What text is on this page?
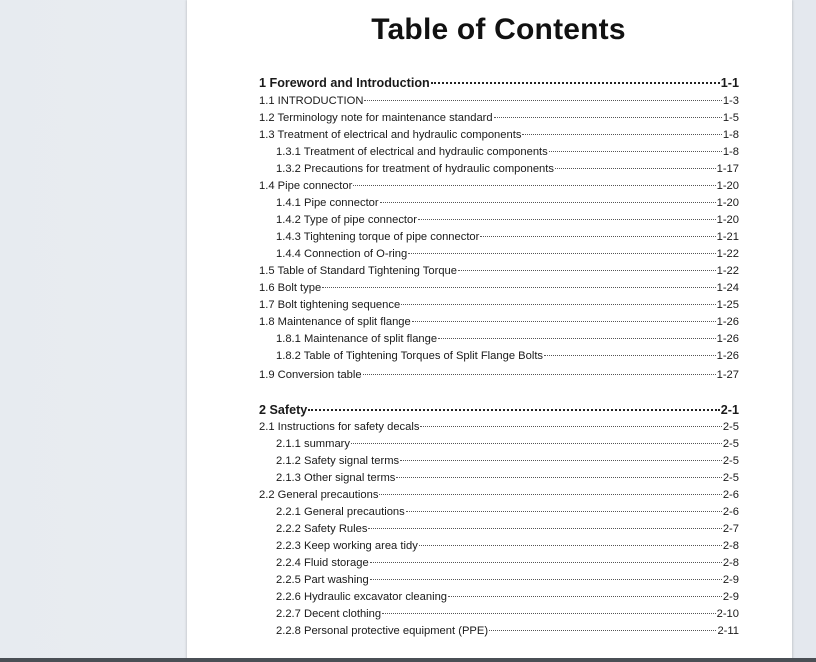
Table of Contents
1 Foreword and Introduction	1-1
1.1 INTRODUCTION	1-3
1.2 Terminology note for maintenance standard	1-5
1.3 Treatment of electrical and hydraulic components	1-8
1.3.1 Treatment of electrical and hydraulic components	1-8
1.3.2 Precautions for treatment of hydraulic components	1-17
1.4 Pipe connector	1-20
1.4.1 Pipe connector	1-20
1.4.2 Type of pipe connector	1-20
1.4.3 Tightening torque of pipe connector	1-21
1.4.4 Connection of O-ring	1-22
1.5 Table of Standard Tightening Torque	1-22
1.6 Bolt type	1-24
1.7 Bolt tightening sequence	1-25
1.8 Maintenance of split flange	1-26
1.8.1 Maintenance of split flange	1-26
1.8.2 Table of Tightening Torques of Split Flange Bolts	1-26
1.9 Conversion table	1-27
2 Safety	2-1
2.1 Instructions for safety decals	2-5
2.1.1 summary	2-5
2.1.2 Safety signal terms	2-5
2.1.3 Other signal terms	2-5
2.2 General precautions	2-6
2.2.1 General precautions	2-6
2.2.2 Safety Rules	2-7
2.2.3 Keep working area tidy	2-8
2.2.4 Fluid storage	2-8
2.2.5 Part washing	2-9
2.2.6 Hydraulic excavator cleaning	2-9
2.2.7 Decent clothing	2-10
2.2.8 Personal protective equipment (PPE)	2-11
